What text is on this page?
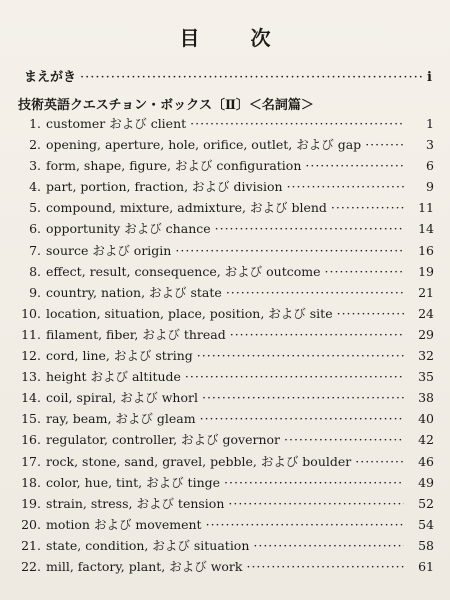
目 次
まえがき ·····	i
技術英語クエスチョン・ボックス〔Ⅱ〕＜名詞篇＞
1. customer および client ·····	1
2. opening, aperture, hole, orifice, outlet, および gap ·····	3
3. form, shape, figure, および configuration ·····	6
4. part, portion, fraction, および division ·····	9
5. compound, mixture, admixture, および blend ·····	11
6. opportunity および chance ·····	14
7. source および origin ·····	16
8. effect, result, consequence, および outcome ·····	19
9. country, nation, および state ·····	21
10. location, situation, place, position, および site ·····	24
11. filament, fiber, および thread ·····	29
12. cord, line, および string ·····	32
13. height および altitude ·····	35
14. coil, spiral, および whorl ·····	38
15. ray, beam, および gleam ·····	40
16. regulator, controller, および governor ·····	42
17. rock, stone, sand, gravel, pebble, および boulder ·····	46
18. color, hue, tint, および tinge ·····	49
19. strain, stress, および tension ·····	52
20. motion および movement ·····	54
21. state, condition, および situation ·····	58
22. mill, factory, plant, および work ·····	61
